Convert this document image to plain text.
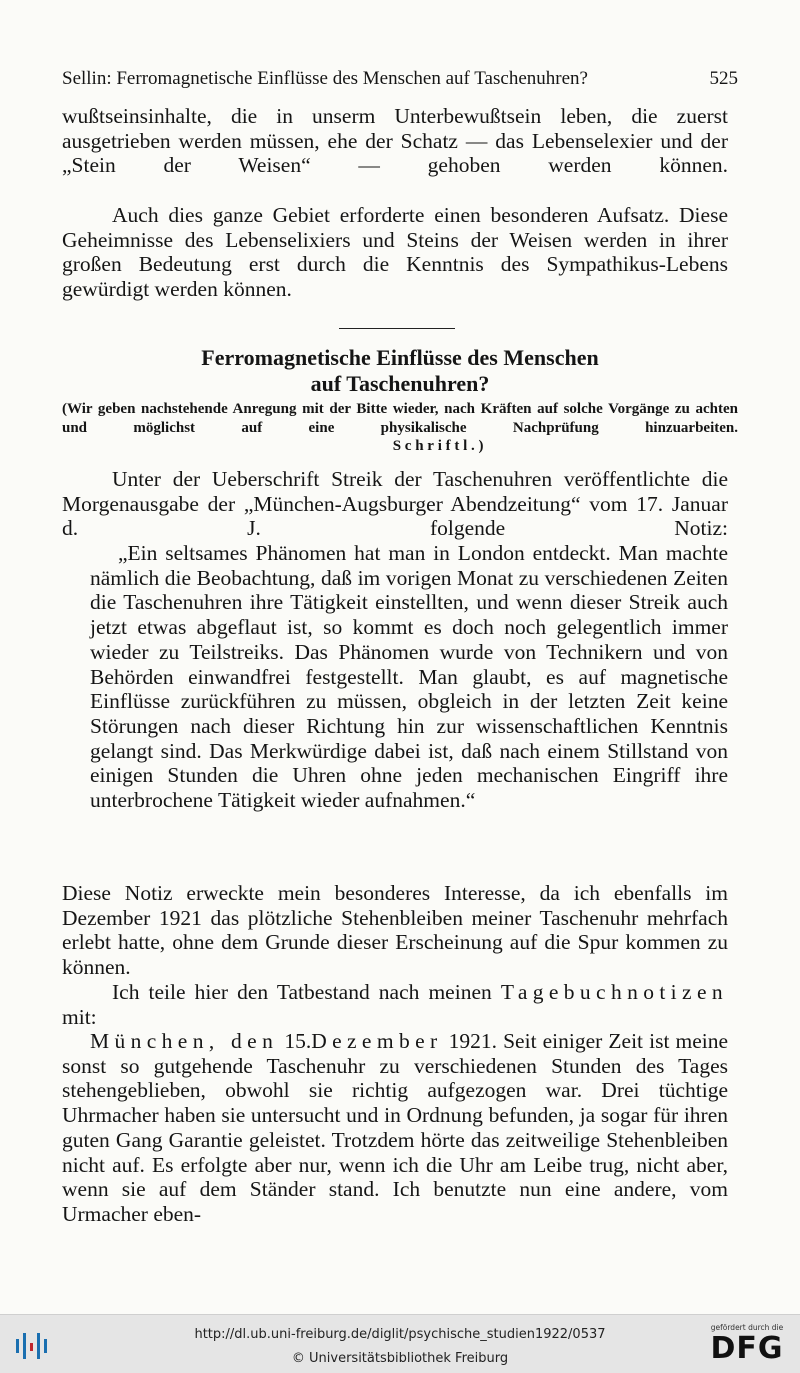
Sellin: Ferromagnetische Einflüsse des Menschen auf Taschenuhren?	525

wußtseinsinhalte, die in unserm Unterbewußtsein leben, die zuerst ausgetrieben werden müssen, ehe der Schatz — das Lebenselexier und der „Stein der Weisen“ — gehoben werden können.

Auch dies ganze Gebiet erforderte einen besonderen Aufsatz. Diese Geheimnisse des Lebenselixiers und Steins der Weisen werden in ihrer großen Bedeutung erst durch die Kenntnis des Sympathikus-Lebens gewürdigt werden können.

Ferromagnetische Einflüsse des Menschen

auf Taschenuhren?

(Wir geben nachstehende Anregung mit der Bitte wieder, nach Kräften auf solche Vorgänge zu achten und möglichst auf eine physikalische Nachprüfung hinzuarbeiten.

Schriftl.)

Unter der Ueberschrift Streik der Taschenuhren veröffentlichte die Morgenausgabe der „München-Augsburger Abendzeitung“ vom 17. Januar d. J. folgende Notiz:

„Ein seltsames Phänomen hat man in London entdeckt. Man machte nämlich die Beobachtung, daß im vorigen Monat zu verschiedenen Zeiten die Taschenuhren ihre Tätigkeit einstellten, und wenn dieser Streik auch jetzt etwas abgeflaut ist, so kommt es doch noch gelegentlich immer wieder zu Teilstreiks. Das Phänomen wurde von Technikern und von Behörden einwandfrei festgestellt. Man glaubt, es auf magnetische Einflüsse zurückführen zu müssen, obgleich in der letzten Zeit keine Störungen nach dieser Richtung hin zur wissenschaftlichen Kenntnis gelangt sind. Das Merkwürdige dabei ist, daß nach einem Stillstand von einigen Stunden die Uhren ohne jeden mechanischen Eingriff ihre unterbrochene Tätigkeit wieder aufnahmen.“

Diese Notiz erweckte mein besonderes Interesse, da ich ebenfalls im Dezember 1921 das plötzliche Stehenbleiben meiner Taschenuhr mehrfach erlebt hatte, ohne dem Grunde dieser Erscheinung auf die Spur kommen zu können.

Ich teile hier den Tatbestand nach meinen Tagebuchnotizen mit:

München, den 15.Dezember 1921. Seit einiger Zeit ist meine sonst so gutgehende Taschenuhr zu verschiedenen Stunden des Tages stehengeblieben, obwohl sie richtig aufgezogen war. Drei tüchtige Uhrmacher haben sie untersucht und in Ordnung befunden, ja sogar für ihren guten Gang Garantie geleistet. Trotzdem hörte das zeitweilige Stehenbleiben nicht auf. Es erfolgte aber nur, wenn ich die Uhr am Leibe trug, nicht aber, wenn sie auf dem Ständer stand. Ich benutzte nun eine andere, vom Urmacher eben-

http://dl.ub.uni-freiburg.de/diglit/psychische_studien1922/0537
© Universitätsbibliothek Freiburg
gefördert durch die
DFG
